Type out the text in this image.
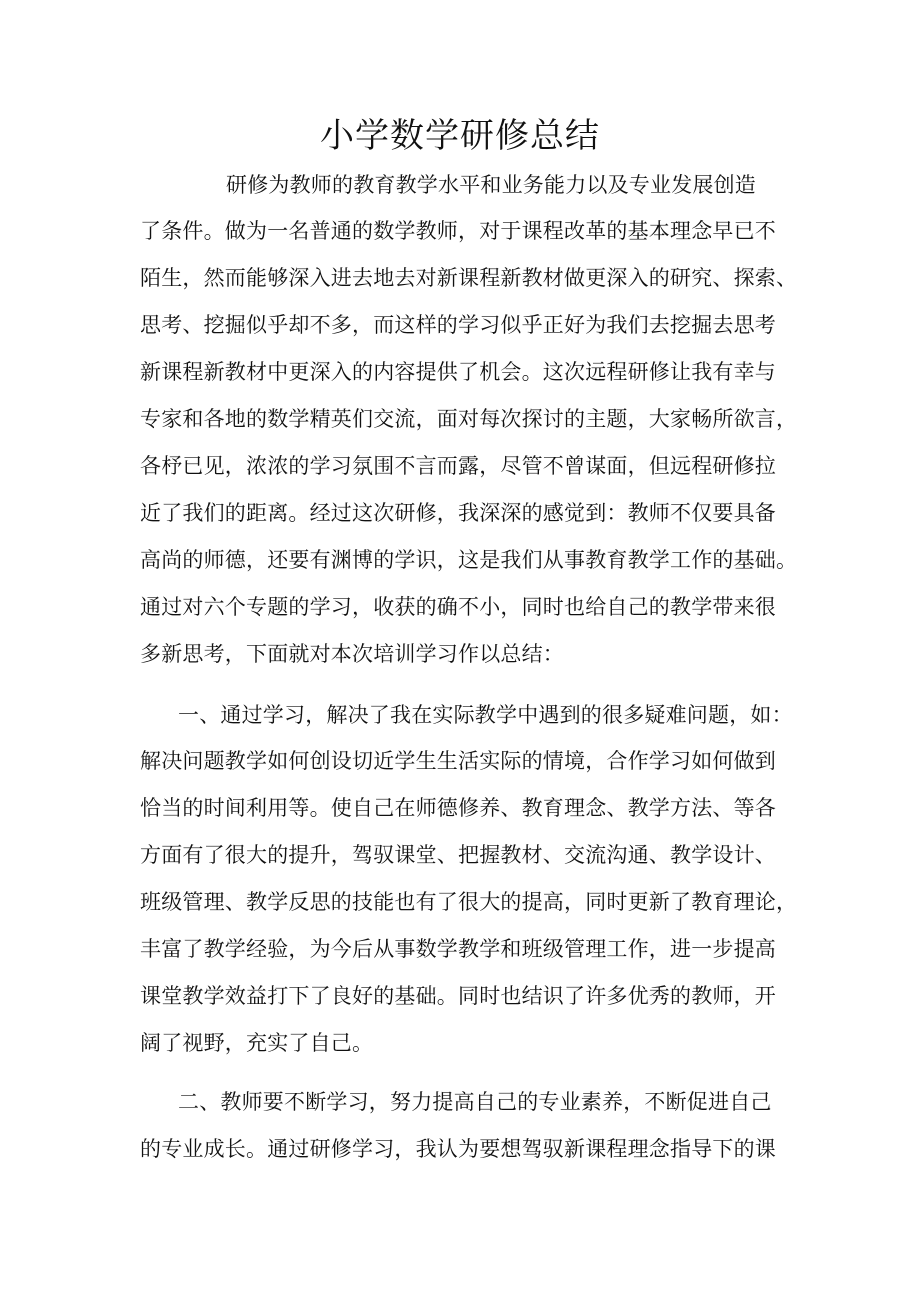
小学数学研修总结
研修为教师的教育教学水平和业务能力以及专业发展创造
了条件。做为一名普通的数学教师，对于课程改革的基本理念早已不
陌生，然而能够深入进去地去对新课程新教材做更深入的研究、探索、
思考、挖掘似乎却不多，而这样的学习似乎正好为我们去挖掘去思考
新课程新教材中更深入的内容提供了机会。这次远程研修让我有幸与
专家和各地的数学精英们交流，面对每次探讨的主题，大家畅所欲言，
各杼已见，浓浓的学习氛围不言而露，尽管不曾谋面，但远程研修拉
近了我们的距离。经过这次研修，我深深的感觉到：教师不仅要具备
高尚的师德，还要有渊博的学识，这是我们从事教育教学工作的基础。
通过对六个专题的学习，收获的确不小，同时也给自己的教学带来很
多新思考，下面就对本次培训学习作以总结：
一、通过学习，解决了我在实际教学中遇到的很多疑难问题，如：
解决问题教学如何创设切近学生生活实际的情境，合作学习如何做到
恰当的时间利用等。使自己在师德修养、教育理念、教学方法、等各
方面有了很大的提升，驾驭课堂、把握教材、交流沟通、教学设计、
班级管理、教学反思的技能也有了很大的提高，同时更新了教育理论，
丰富了教学经验，为今后从事数学教学和班级管理工作，进一步提高
课堂教学效益打下了良好的基础。同时也结识了许多优秀的教师，开
阔了视野，充实了自己。
二、教师要不断学习，努力提高自己的专业素养，不断促进自己
的专业成长。通过研修学习，我认为要想驾驭新课程理念指导下的课
